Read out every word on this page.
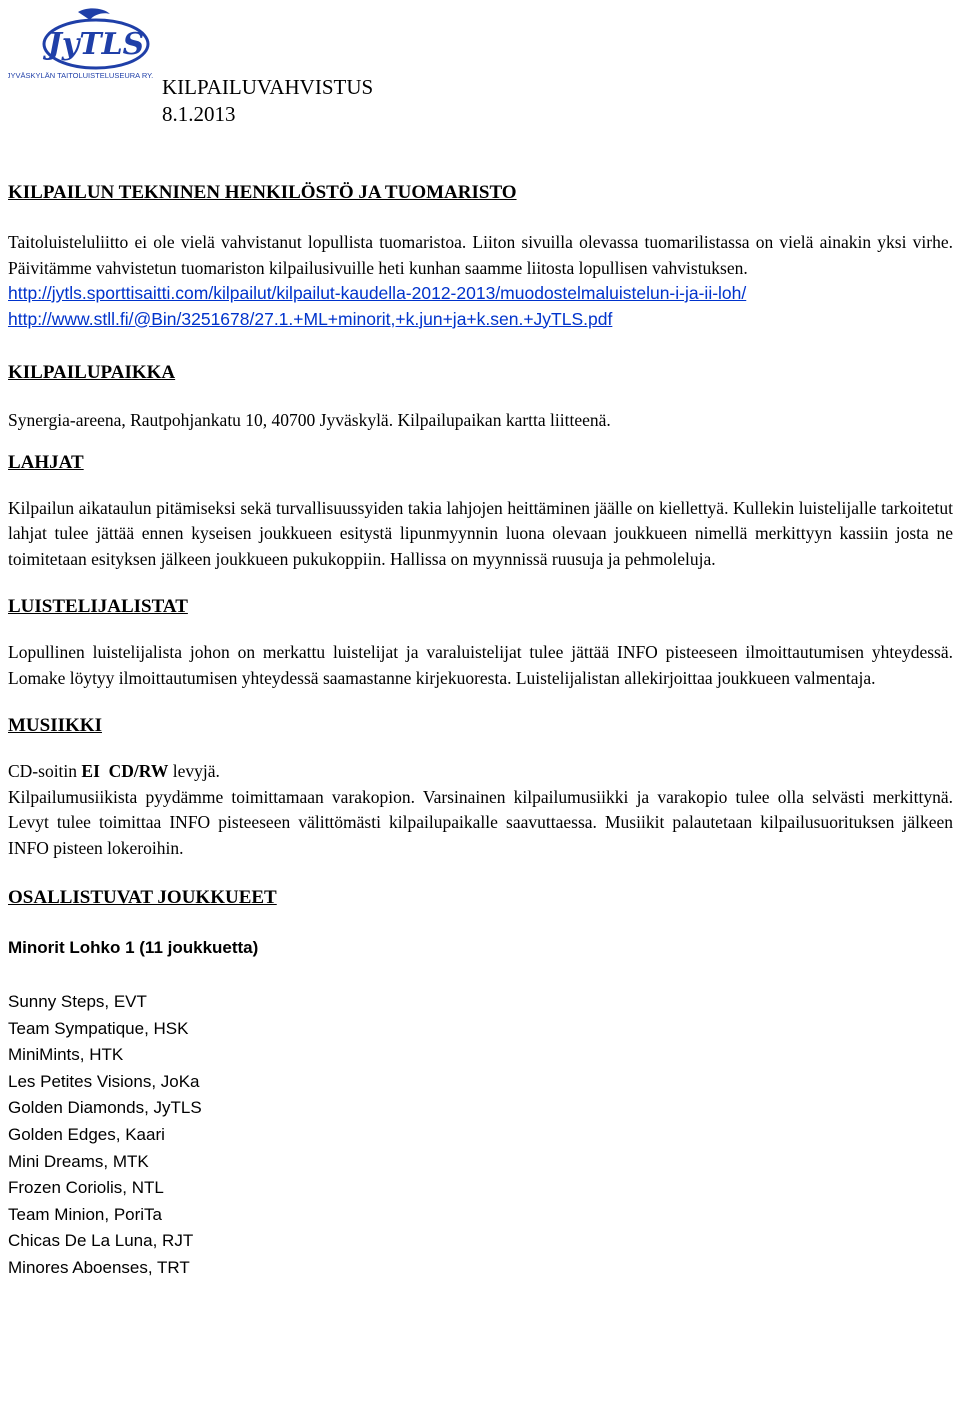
JyTLS
JYVÄSKYLÄN TAITOLUISTELUSEURA RY. KILPAILUVAHVISTUS
8.1.2013
KILPAILUN TEKNINEN HENKILÖSTÖ JA TUOMARISTO

Taitoluisteluliitto ei ole vielä vahvistanut lopullista tuomaristoa. Liiton sivuilla olevassa tuomarilistassa on vielä ainakin yksi virhe. Päivitämme vahvistetun tuomariston kilpailusivuille heti kunhan saamme liitosta lopullisen vahvistuksen.

http://jytls.sporttisaitti.com/kilpailut/kilpailut-kaudella-2012-2013/muodostelmaluistelun-i-ja-ii-loh/
http://www.stll.fi/@Bin/3251678/27.1.+ML+minorit,+k.jun+ja+k.sen.+JyTLS.pdf
KILPAILUPAIKKA

Synergia-areena, Rautpohjankatu 10, 40700 Jyväskylä. Kilpailupaikan kartta liitteenä.

LAHJAT

Kilpailun aikataulun pitämiseksi sekä turvallisuussyiden takia lahjojen heittäminen jäälle on kiellettyä. Kullekin luistelijalle tarkoitetut lahjat tulee jättää ennen kyseisen joukkueen esitystä lipunmyynnin luona olevaan joukkueen nimellä merkittyyn kassiin josta ne toimitetaan esityksen jälkeen joukkueen pukukoppiin. Hallissa on myynnissä ruusuja ja pehmoleluja.

LUISTELIJALISTAT

Lopullinen luistelijalista johon on merkattu luistelijat ja varaluistelijat tulee jättää INFO pisteeseen ilmoittautumisen yhteydessä. Lomake löytyy ilmoittautumisen yhteydessä saamastanne kirjekuoresta. Luistelijalistan allekirjoittaa joukkueen valmentaja.

MUSIIKKI

CD-soitin EI CD/RW levyjä.

Kilpailumusiikista pyydämme toimittamaan varakopion. Varsinainen kilpailumusiikki ja varakopio tulee olla selvästi merkittynä. Levyt tulee toimittaa INFO pisteeseen välittömästi kilpailupaikalle saavuttaessa. Musiikit palautetaan kilpailusuorituksen jälkeen INFO pisteen lokeroihin.

OSALLISTUVAT JOUKKUEET
Minorit Lohko 1 (11 joukkuetta)
Sunny Steps, EVT
Team Sympatique, HSK
MiniMints, HTK
Les Petites Visions, JoKa
Golden Diamonds, JyTLS
Golden Edges, Kaari
Mini Dreams, MTK
Frozen Coriolis, NTL
Team Minion, PoriTa
Chicas De La Luna, RJT
Minores Aboenses, TRT
